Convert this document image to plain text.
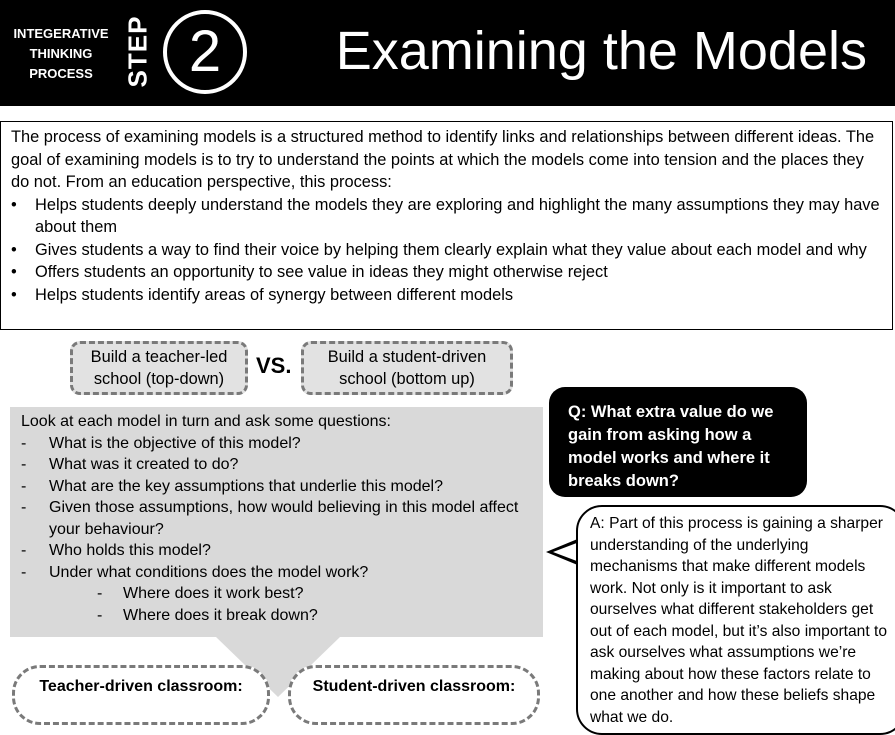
INTEGERATIVE
THINKING
PROCESS	STEP 2	Examining the Models

The process of examining models is a structured method to identify links and relationships between different ideas. The goal of examining models is to try to understand the points at which the models come into tension and the places they do not. From an education perspective, this process:

• Helps students deeply understand the models they are exploring and highlight the many assumptions they may have about them
• Gives students a way to find their voice by helping them clearly explain what they value about each model and why
• Offers students an opportunity to see value in ideas they might otherwise reject
• Helps students identify areas of synergy between different models
Build a teacher-led
school (top-down)
VS.	Build a student-driven
school (bottom up)

Look at each model in turn and ask some questions:

- What is the objective of this model?
- What was it created to do?
- What are the key assumptions that underlie this model?
- Given those assumptions, how would believing in this model affect your behaviour?
- Who holds this model?
- Under what conditions does the model work?
- Where does it work best?
- Where does it break down?
Teacher-driven classroom:	Student-driven classroom:
Q: What extra value do we gain from asking how a model works and where it breaks down?
A: Part of this process is gaining a sharper understanding of the underlying mechanisms that make different models work. Not only is it important to ask ourselves what different stakeholders get out of each model, but it’s also important to ask ourselves what assumptions we’re making about how these factors relate to one another and how these beliefs shape what we do.
